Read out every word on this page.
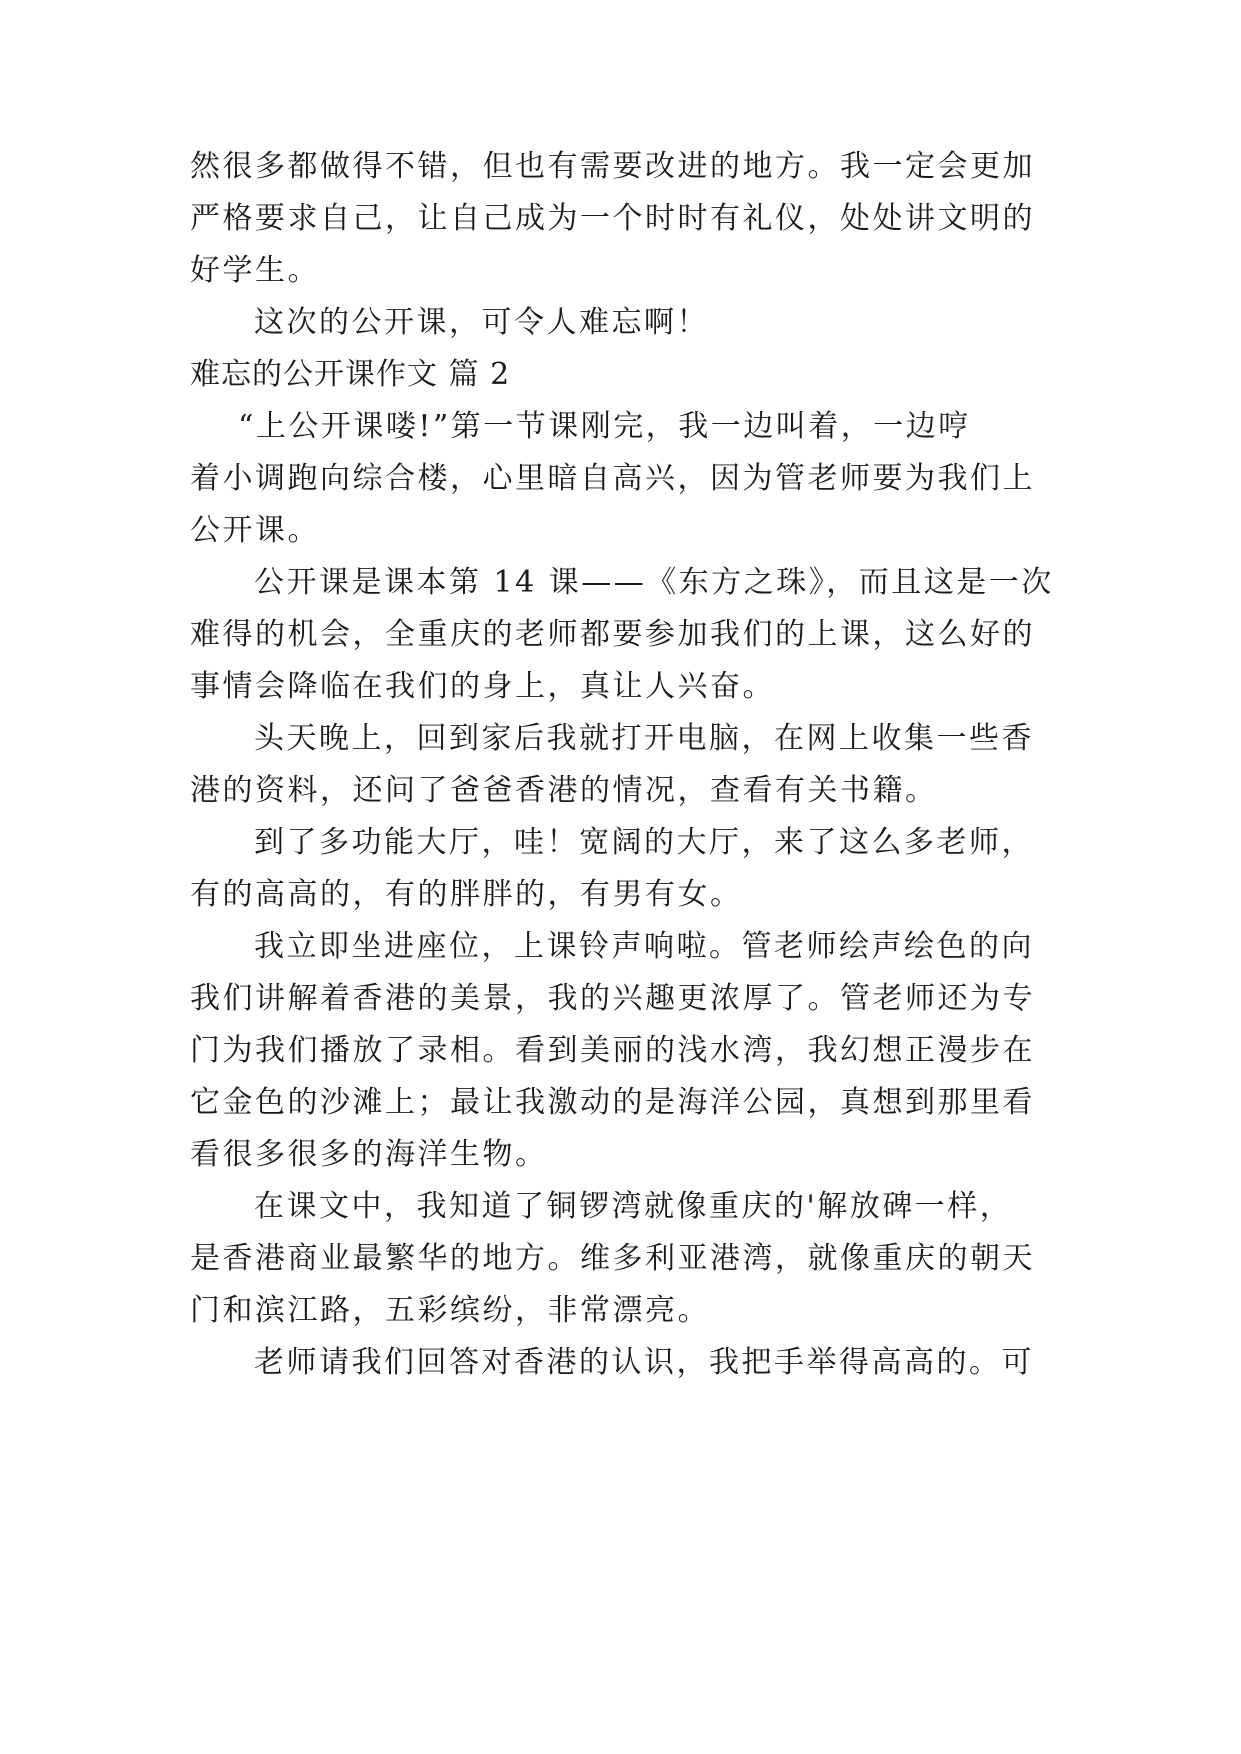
然很多都做得不错，但也有需要改进的地方。我一定会更加
严格要求自己，让自己成为一个时时有礼仪，处处讲文明的
好学生。
这次的公开课，可令人难忘啊！
难忘的公开课作文 篇 2
“上公开课喽!”第一节课刚完，我一边叫着，一边哼
着小调跑向综合楼，心里暗自高兴，因为管老师要为我们上
公开课。
公开课是课本第 14 课——《东方之珠》，而且这是一次
难得的机会，全重庆的老师都要参加我们的上课，这么好的
事情会降临在我们的身上，真让人兴奋。
头天晚上，回到家后我就打开电脑，在网上收集一些香
港的资料，还问了爸爸香港的情况，查看有关书籍。
到了多功能大厅，哇！宽阔的大厅，来了这么多老师，
有的高高的，有的胖胖的，有男有女。
我立即坐进座位，上课铃声响啦。管老师绘声绘色的向
我们讲解着香港的美景，我的兴趣更浓厚了。管老师还为专
门为我们播放了录相。看到美丽的浅水湾，我幻想正漫步在
它金色的沙滩上；最让我激动的是海洋公园，真想到那里看
看很多很多的海洋生物。
在课文中，我知道了铜锣湾就像重庆的'解放碑一样，
是香港商业最繁华的地方。维多利亚港湾，就像重庆的朝天
门和滨江路，五彩缤纷，非常漂亮。
老师请我们回答对香港的认识，我把手举得高高的。可
